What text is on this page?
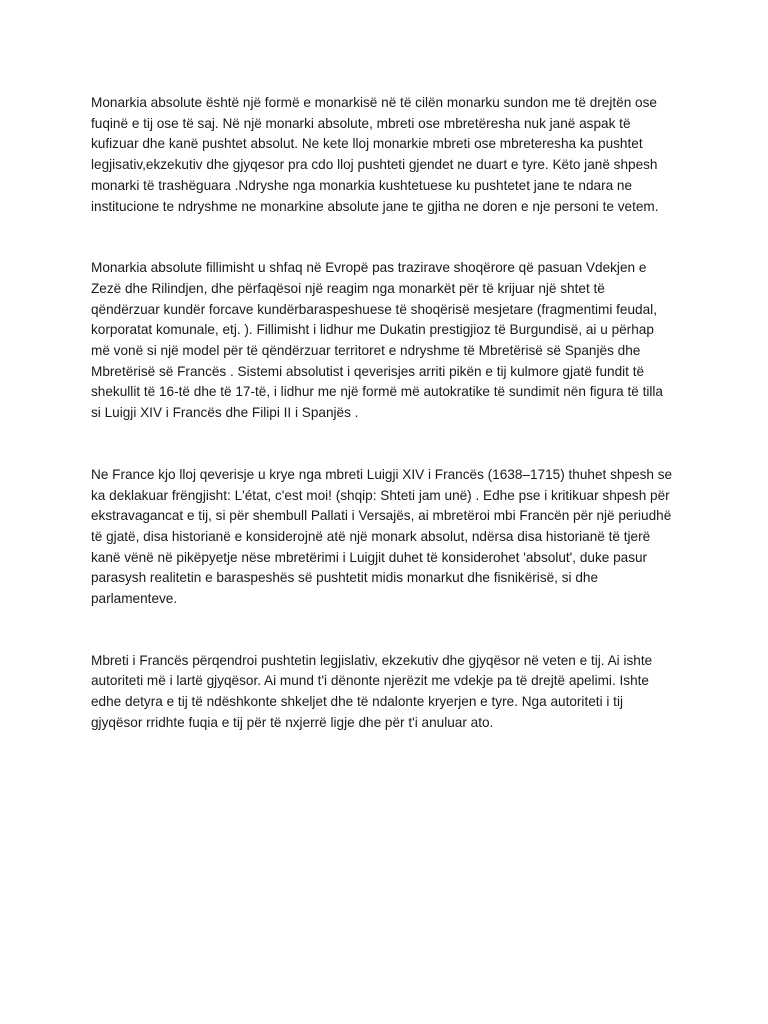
Monarkia absolute është një formë e monarkisë në të cilën monarku sundon me të drejtën ose fuqinë e tij ose të saj. Në një monarki absolute, mbreti ose mbretëresha nuk janë aspak të kufizuar dhe kanë pushtet absolut. Ne kete lloj monarkie mbreti ose mbreteresha ka pushtet legjisativ,ekzekutiv dhe gjyqesor pra cdo lloj pushteti gjendet ne duart e tyre. Këto janë shpesh monarki të trashëguara .Ndryshe nga monarkia kushtetuese ku pushtetet jane te ndara ne institucione te ndryshme ne monarkine absolute jane te gjitha ne doren e nje personi te vetem.

Monarkia absolute fillimisht u shfaq në Evropë pas trazirave shoqërore që pasuan Vdekjen e Zezë dhe Rilindjen, dhe përfaqësoi një reagim nga monarkët për të krijuar një shtet të qëndërzuar kundër forcave kundërbaraspeshuese të shoqërisë mesjetare (fragmentimi feudal, korporatat komunale, etj. ). Fillimisht i lidhur me Dukatin prestigjioz të Burgundisë, ai u përhap më vonë si një model për të qëndërzuar territoret e ndryshme të Mbretërisë së Spanjës dhe Mbretërisë së Francës . Sistemi absolutist i qeverisjes arriti pikën e tij kulmore gjatë fundit të shekullit të 16-të dhe të 17-të, i lidhur me një formë më autokratike të sundimit nën figura të tilla si Luigji XIV i Francës dhe Filipi II i Spanjës .

Ne France kjo lloj qeverisje u krye nga mbreti Luigji XIV i Francës (1638–1715) thuhet shpesh se ka deklakuar frëngjisht: L'état, c'est moi! (shqip: Shteti jam unë) . Edhe pse i kritikuar shpesh për ekstravagancat e tij, si për shembull Pallati i Versajës, ai mbretëroi mbi Francën për një periudhë të gjatë, disa historianë e konsiderojnë atë një monark absolut, ndërsa disa historianë të tjerë kanë vënë në pikëpyetje nëse mbretërimi i Luigjit duhet të konsiderohet 'absolut', duke pasur parasysh realitetin e baraspeshës së pushtetit midis monarkut dhe fisnikërisë, si dhe parlamenteve.

Mbreti i Francës përqendroi pushtetin legjislativ, ekzekutiv dhe gjyqësor në veten e tij. Ai ishte autoriteti më i lartë gjyqësor. Ai mund t'i dënonte njerëzit me vdekje pa të drejtë apelimi. Ishte edhe detyra e tij të ndëshkonte shkeljet dhe të ndalonte kryerjen e tyre. Nga autoriteti i tij gjyqësor rridhte fuqia e tij për të nxjerrë ligje dhe për t'i anuluar ato.
